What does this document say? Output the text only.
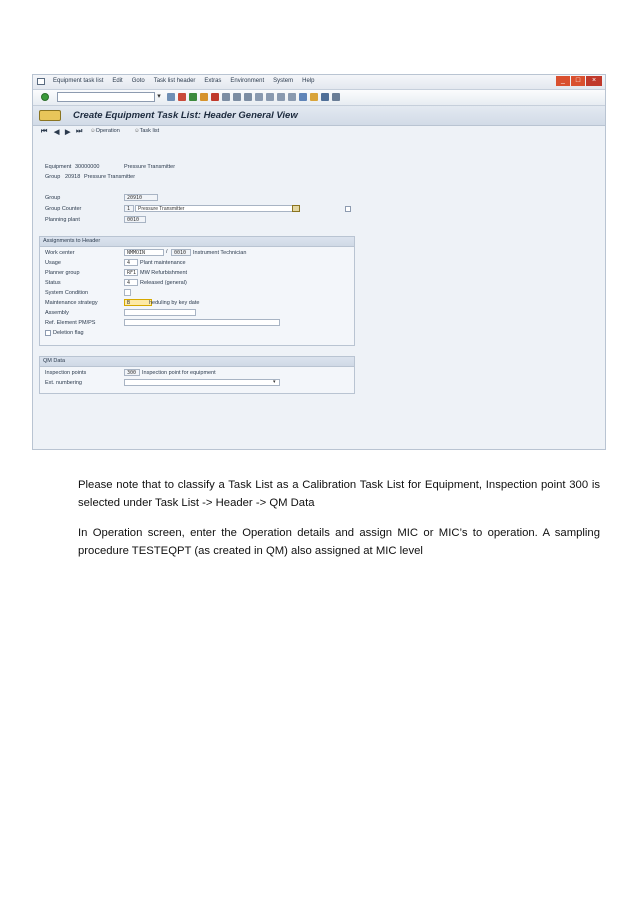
Equipment task list Edit Goto Task list header Extras Environment System Help	_	□	×
▾
Create Equipment Task List: Header General View
⏮ ◀ ▶ ⏭ ☺Operation	☺Task list
Equipment 30000000	Pressure Transmitter
Group 20918 Pressure Transmitter
Group	20910
Group Counter	1	Pressure Transmitter
Planning plant	0010
Assignments to Header
Work center	NMMOIN	/	0010	Instrument Technician
Usage	4	Plant maintenance
Planner group	RF1 MW Refurbishment
Status	4	Released (general)
System Condition
Maintenance strategy	B	heduling by key date
Assembly
Ref. Element PM/PS
Deletion flag
QM Data
Inspection points	300	Inspection point for equipment
Ext. numbering	▾

Please note that to classify a Task List as a Calibration Task List for Equipment, Inspection point 300 is selected under Task List -> Header -> QM Data

In Operation screen, enter the Operation details and assign MIC or MIC’s to operation. A sampling procedure TESTEQPT (as created in QM) also assigned at MIC level
